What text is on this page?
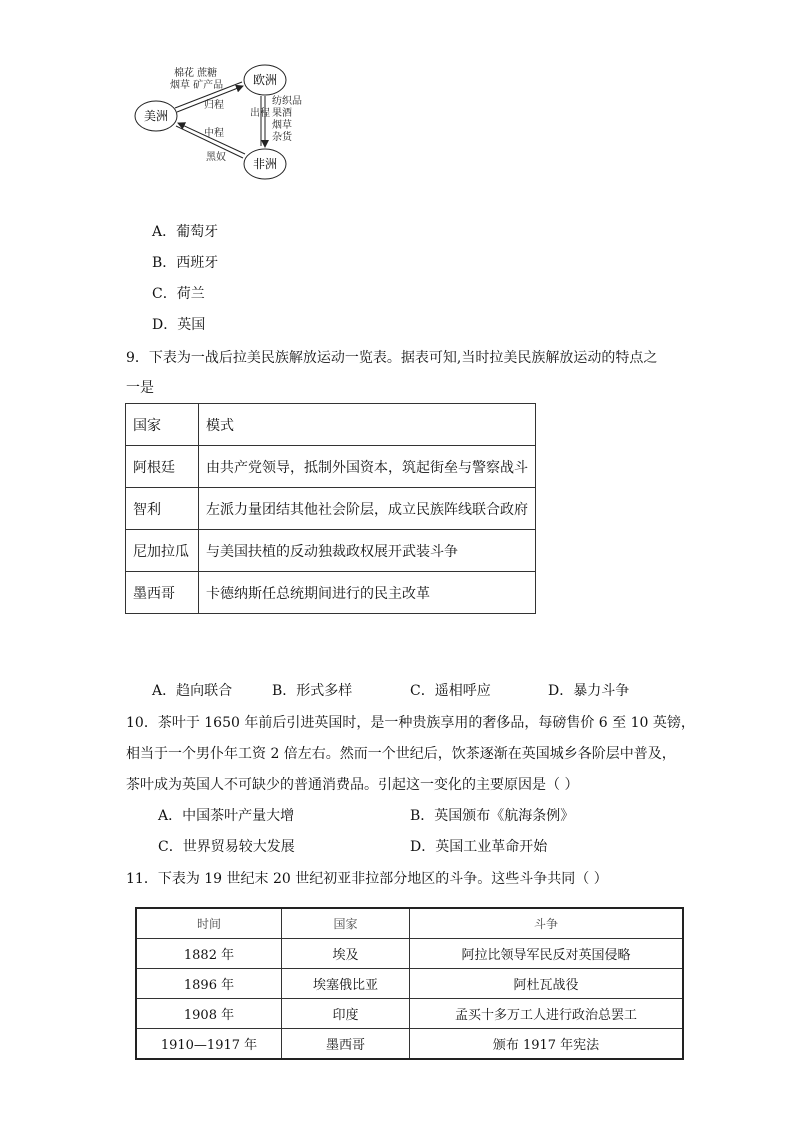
美洲
欧洲
非洲
棉花 蔗糖
烟草 矿产品
归程
中程
黑奴
出程
纺织品
果酒
烟草
杂货
A．葡萄牙
B．西班牙
C．荷兰
D．英国
9．下表为一战后拉美民族解放运动一览表。据表可知,当时拉美民族解放运动的特点之
一是
国家	模式
阿根廷	由共产党领导，抵制外国资本，筑起街垒与警察战斗
智利	左派力量团结其他社会阶层，成立民族阵线联合政府
尼加拉瓜	与美国扶植的反动独裁政权展开武装斗争
墨西哥	卡德纳斯任总统期间进行的民主改革
A．趋向联合	B．形式多样	C．遥相呼应	D．暴力斗争
10．茶叶于 1650 年前后引进英国时，是一种贵族享用的奢侈品，每磅售价 6 至 10 英镑，
相当于一个男仆年工资 2 倍左右。然而一个世纪后，饮茶逐渐在英国城乡各阶层中普及，
茶叶成为英国人不可缺少的普通消费品。引起这一变化的主要原因是（ ）
A．中国茶叶产量大增	B．英国颁布《航海条例》
C．世界贸易较大发展	D．英国工业革命开始
11．下表为 19 世纪末 20 世纪初亚非拉部分地区的斗争。这些斗争共同（ ）
时间	国家	斗争
1882 年	埃及	阿拉比领导军民反对英国侵略
1896 年	埃塞俄比亚	阿杜瓦战役
1908 年	印度	孟买十多万工人进行政治总罢工
1910—1917 年	墨西哥	颁布 1917 年宪法
